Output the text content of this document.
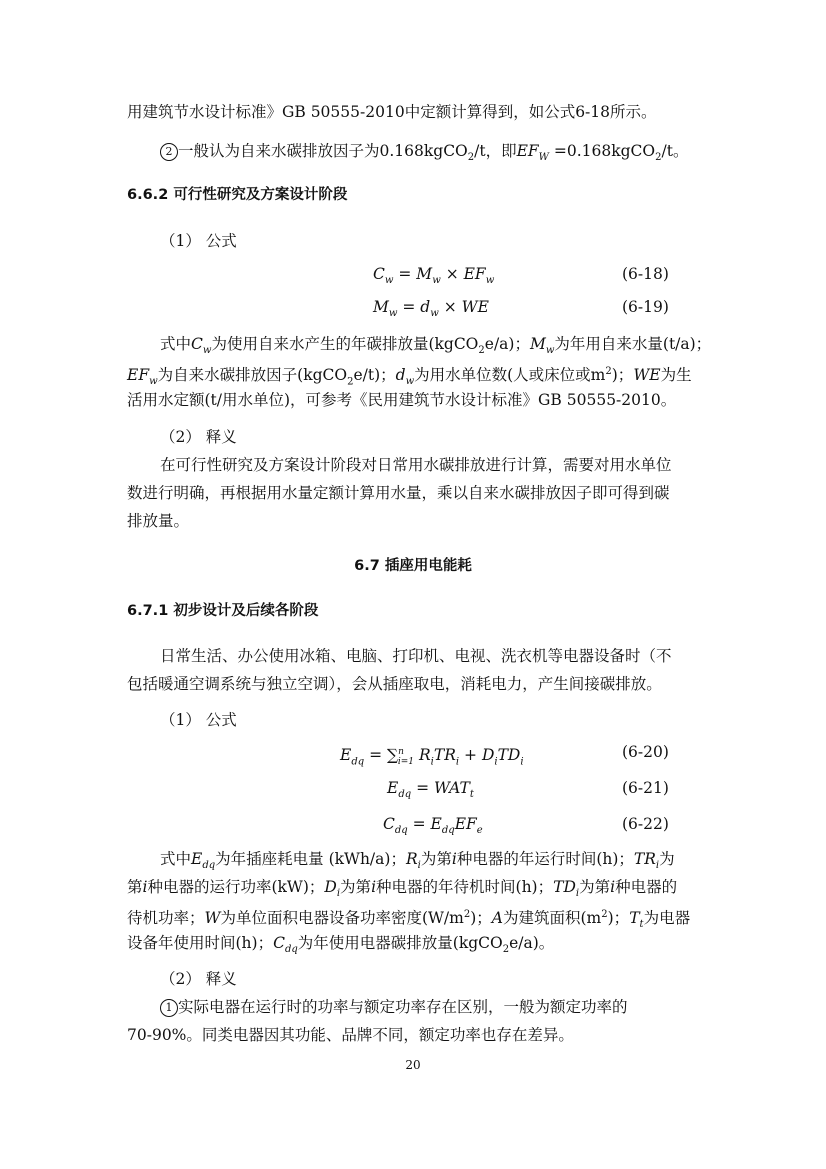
用建筑节水设计标准》GB 50555-2010中定额计算得到，如公式6-18所示。
2 一般认为自来水碳排放因子为0.168kgCO$_2$/t，即$EF_W$ =0.168kgCO$_2$/t。
6.6.2 可行性研究及方案设计阶段
（1） 公式
$C_w = M_w \times EF_w$	(6-18)
$M_w = d_w$ × WE	(6-19)
式中$C_w$为使用自来水产生的年碳排放量(kgCO$_2$e/a)；$M_w$为年用自来水量(t/a)；
$EF_w$为自来水碳排放因子(kgCO$_2$e/t)；$d_w$为用水单位数(人或床位或$m^2$)；WE为生
活用水定额(t/用水单位)，可参考《民用建筑节水设计标准》GB 50555-2010。
（2） 释义
在可行性研究及方案设计阶段对日常用水碳排放进行计算，需要对用水单位
数进行明确，再根据用水量定额计算用水量，乘以自来水碳排放因子即可得到碳
排放量。
6.7 插座用电能耗
6.7.1 初步设计及后续各阶段
日常生活、办公使用冰箱、电脑、打印机、电视、洗衣机等电器设备时（不
包括暖通空调系统与独立空调），会从插座取电，消耗电力，产生间接碳排放。
（1） 公式
$E_{dq} = \sum^n_{i=1}$ $R_iTR_i + D_iTD_i$
(6-20)
$E_{dq} = WAT_t$	(6-21)
$C_{dq} = E_{dq}EF_e$	(6-22)
式中$E_{dq}$为年插座耗电量 (kWh/a)；$R_i$为第i种电器的年运行时间(h)；$TR_i$为
第i种电器的运行功率(kW)；$D_i$为第i种电器的年待机时间(h)；$TD_i$为第i种电器的
待机功率；W为单位面积电器设备功率密度$(W/m^2)$；A为建筑面积$(m^2)$；$T_t$为电器
设备年使用时间(h)；$C_{dq}$为年使用电器碳排放量(kgCO$_2$e/a)。
（2） 释义
1 实际电器在运行时的功率与额定功率存在区别，一般为额定功率的
70-90%。同类电器因其功能、品牌不同，额定功率也存在差异。
20
